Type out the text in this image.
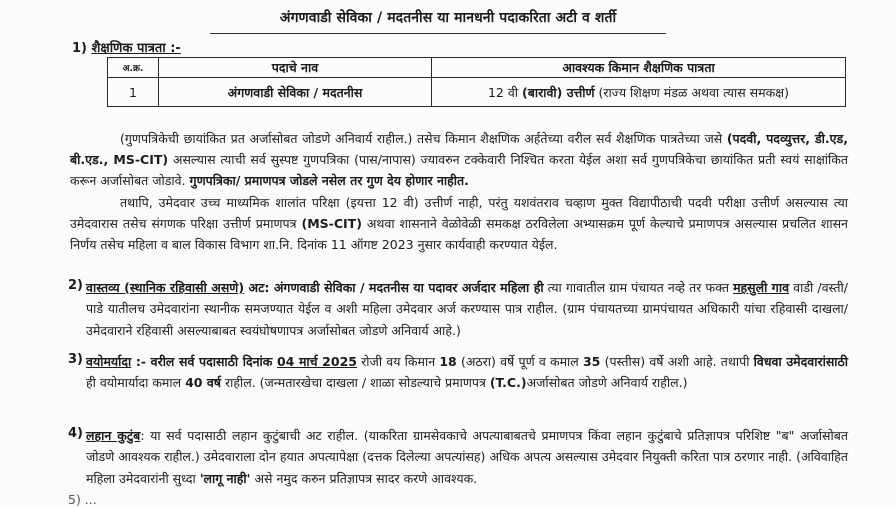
अंगणवाडी सेविका / मदतनीस या मानधनी पदाकरिता अटी व शर्ती
1) शैक्षणिक पात्रता :-
अ.क्र.	पदाचे नाव	आवश्यक किमान शैक्षणिक पात्रता
1	अंगणवाडी सेविका / मदतनीस	12 वी (बारावी) उत्तीर्ण (राज्य शिक्षण मंडळ अथवा त्यास समकक्ष)

(गुणपत्रिकेची छायांकित प्रत अर्जासोबत जोडणे अनिवार्य राहील.) तसेच किमान शैक्षणिक अर्हतेच्या वरील सर्व शैक्षणिक पात्रतेच्या जसे (पदवी, पदव्युत्तर, डी.एड, बी.एड., MS-CIT) असल्यास त्याची सर्व सुस्पष्ट गुणपत्रिका (पास/नापास) ज्यावरुन टक्केवारी निश्चित करता येईल अशा सर्व गुणपत्रिकेचा छायांकित प्रती स्वयं साक्षांकित करून अर्जासोबत जोडावे. गुणपत्रिका/ प्रमाणपत्र जोडले नसेल तर गुण देय होणार नाहीत.

तथापि, उमेदवार उच्च माध्यमिक शालांत परिक्षा (इयत्ता 12 वी) उत्तीर्ण नाही, परंतु यशवंतराव चव्हाण मुक्त विद्यापीठाची पदवी परीक्षा उत्तीर्ण असल्यास त्या उमेदवारास तसेच संगणक परिक्षा उत्तीर्ण प्रमाणपत्र (MS-CIT) अथवा शासनाने वेळोवेळी समकक्ष ठरविलेला अभ्यासक्रम पूर्ण केल्याचे प्रमाणपत्र असल्यास प्रचलित शासन निर्णय तसेच महिला व बाल विकास विभाग शा.नि. दिनांक 11 ऑगष्ट 2023 नुसार कार्यवाही करण्यात येईल.

2) वास्तव्य (स्थानिक रहिवासी असणे) अट: अंगणवाडी सेविका / मदतनीस या पदावर अर्जदार महिला ही त्या गावातील ग्राम पंचायत नव्हे तर फक्त महसुली गाव वाडी /वस्ती/पाडे यातीलच उमेदवारांना स्थानीक समजण्यात येईल व अशी महिला उमेदवार अर्ज करण्यास पात्र राहील. (ग्राम पंचायतच्या ग्रामपंचायत अधिकारी यांचा रहिवासी दाखला/ उमेदवाराने रहिवासी असल्याबाबत स्वयंघोषणापत्र अर्जासोबत जोडणे अनिवार्य आहे.)
3) वयोमर्यादा :- वरील सर्व पदासाठी दिनांक 04 मार्च 2025 रोजी वय किमान 18 (अठरा) वर्षे पूर्ण व कमाल 35 (पस्तीस) वर्षे अशी आहे. तथापी विधवा उमेदवारांसाठी ही वयोमार्यादा कमाल 40 वर्ष राहील. (जन्मतारखेचा दाखला / शाळा सोडल्याचे प्रमाणपत्र (T.C.)अर्जासोबत जोडणे अनिवार्य राहील.)
4) लहान कुटुंब: या सर्व पदासाठी लहान कुटुंबाची अट राहील. (याकरिता ग्रामसेवकाचे अपत्याबाबतचे प्रमाणपत्र किंवा लहान कुटुंबाचे प्रतिज्ञापत्र परिशिष्ट "ब" अर्जासोबत जोडणे आवश्यक राहील.) उमेदवाराला दोन हयात अपत्यापेक्षा (दत्तक दिलेल्या अपत्यांसह) अधिक अपत्य असल्यास उमेदवार नियुक्ती करिता पात्र ठरणार नाही. (अविवाहित महिला उमेदवारांनी सुध्दा 'लागू नाही' असे नमुद करुन प्रतिज्ञापत्र सादर करणे आवश्यक.
5) ...
